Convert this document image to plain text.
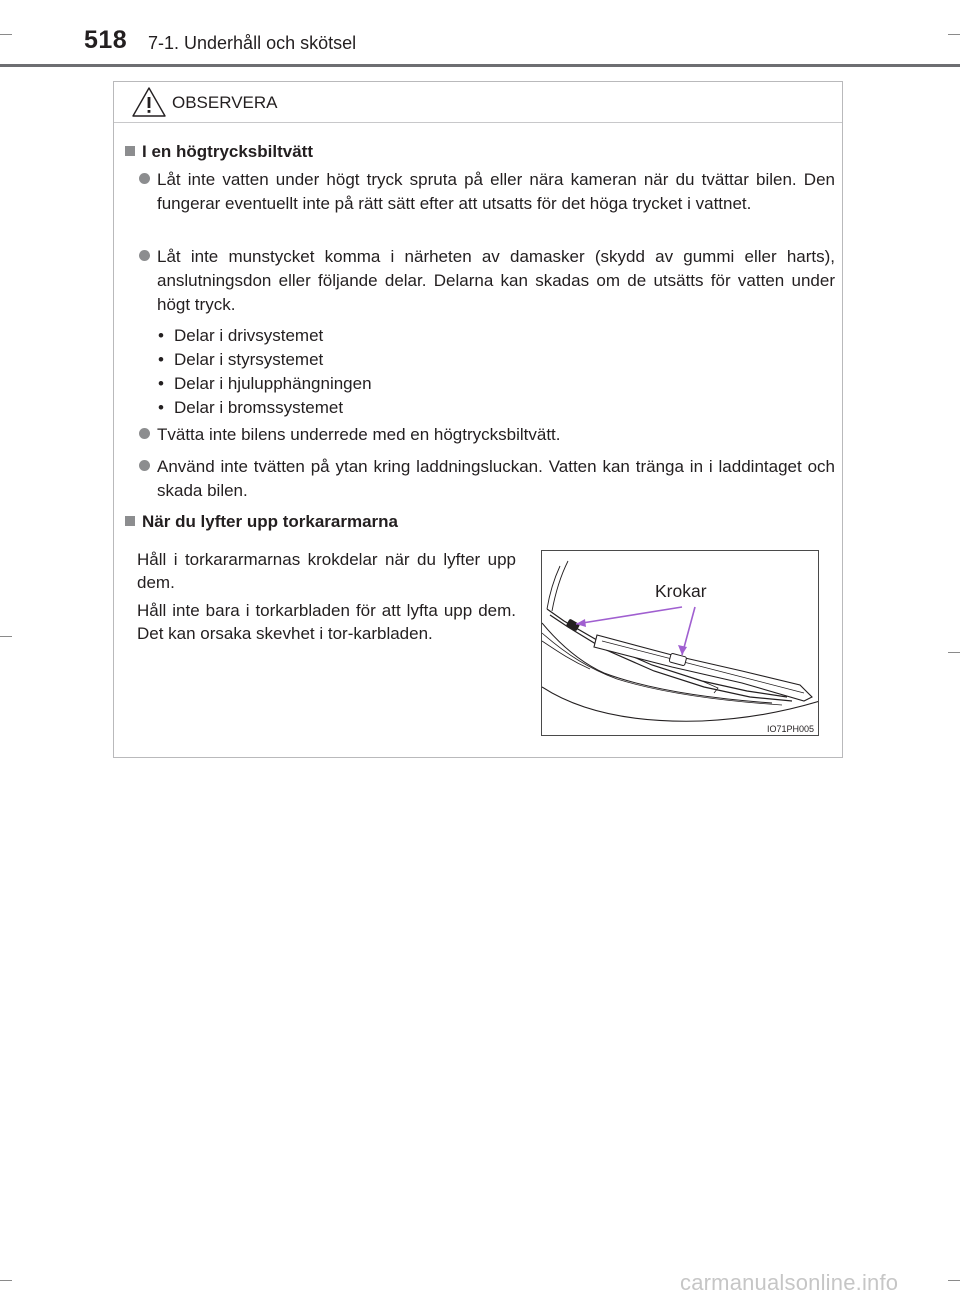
518 7-1. Underhåll och skötsel
OBSERVERA
I en högtrycksbiltvätt
Låt inte vatten under högt tryck spruta på eller nära kameran när du tvättar bilen. Den fungerar eventuellt inte på rätt sätt efter att utsatts för det höga trycket i vattnet.
Låt inte munstycket komma i närheten av damasker (skydd av gummi eller harts), anslutningsdon eller följande delar. Delarna kan skadas om de utsätts för vatten under högt tryck.
• Delar i drivsystemet
• Delar i styrsystemet
• Delar i hjulupphängningen
• Delar i bromssystemet
Tvätta inte bilens underrede med en högtrycksbiltvätt.
Använd inte tvätten på ytan kring laddningsluckan. Vatten kan tränga in i laddintaget och skada bilen.
När du lyfter upp torkararmarna
Håll i torkararmarnas krokdelar när du lyfter upp dem.
Håll inte bara i torkarbladen för att lyfta upp dem. Det kan orsaka skevhet i tor-karbladen.
Krokar
IO71PH005
carmanualsonline.info
